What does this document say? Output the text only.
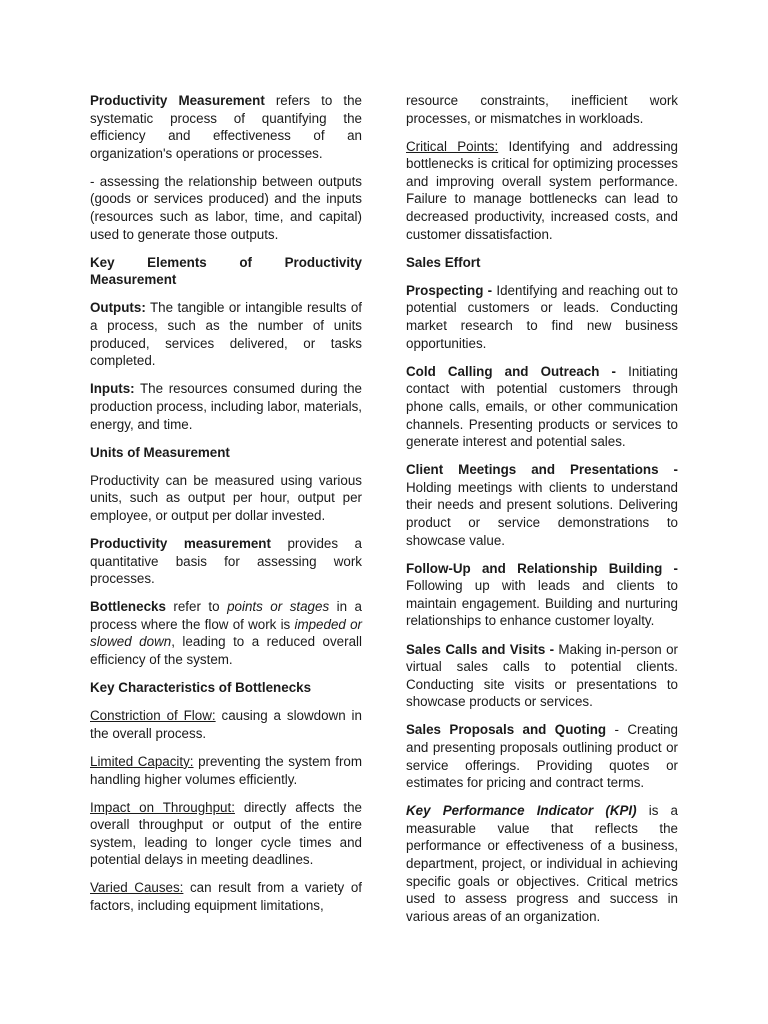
Productivity Measurement refers to the systematic process of quantifying the efficiency and effectiveness of an organization's operations or processes.

- assessing the relationship between outputs (goods or services produced) and the inputs (resources such as labor, time, and capital) used to generate those outputs.

Key Elements of Productivity Measurement

Outputs: The tangible or intangible results of a process, such as the number of units produced, services delivered, or tasks completed.

Inputs: The resources consumed during the production process, including labor, materials, energy, and time.

Units of Measurement

Productivity can be measured using various units, such as output per hour, output per employee, or output per dollar invested.

Productivity measurement provides a quantitative basis for assessing work processes.

Bottlenecks refer to points or stages in a process where the flow of work is impeded or slowed down, leading to a reduced overall efficiency of the system.

Key Characteristics of Bottlenecks

Constriction of Flow: causing a slowdown in the overall process.

Limited Capacity: preventing the system from handling higher volumes efficiently.

Impact on Throughput: directly affects the overall throughput or output of the entire system, leading to longer cycle times and potential delays in meeting deadlines.

Varied Causes: can result from a variety of factors, including equipment limitations,

resource constraints, inefficient work processes, or mismatches in workloads.

Critical Points: Identifying and addressing bottlenecks is critical for optimizing processes and improving overall system performance. Failure to manage bottlenecks can lead to decreased productivity, increased costs, and customer dissatisfaction.

Sales Effort

Prospecting - Identifying and reaching out to potential customers or leads. Conducting market research to find new business opportunities.

Cold Calling and Outreach - Initiating contact with potential customers through phone calls, emails, or other communication channels. Presenting products or services to generate interest and potential sales.

Client Meetings and Presentations - Holding meetings with clients to understand their needs and present solutions. Delivering product or service demonstrations to showcase value.

Follow-Up and Relationship Building - Following up with leads and clients to maintain engagement. Building and nurturing relationships to enhance customer loyalty.

Sales Calls and Visits - Making in-person or virtual sales calls to potential clients. Conducting site visits or presentations to showcase products or services.

Sales Proposals and Quoting - Creating and presenting proposals outlining product or service offerings. Providing quotes or estimates for pricing and contract terms.

Key Performance Indicator (KPI) is a measurable value that reflects the performance or effectiveness of a business, department, project, or individual in achieving specific goals or objectives. Critical metrics used to assess progress and success in various areas of an organization.
